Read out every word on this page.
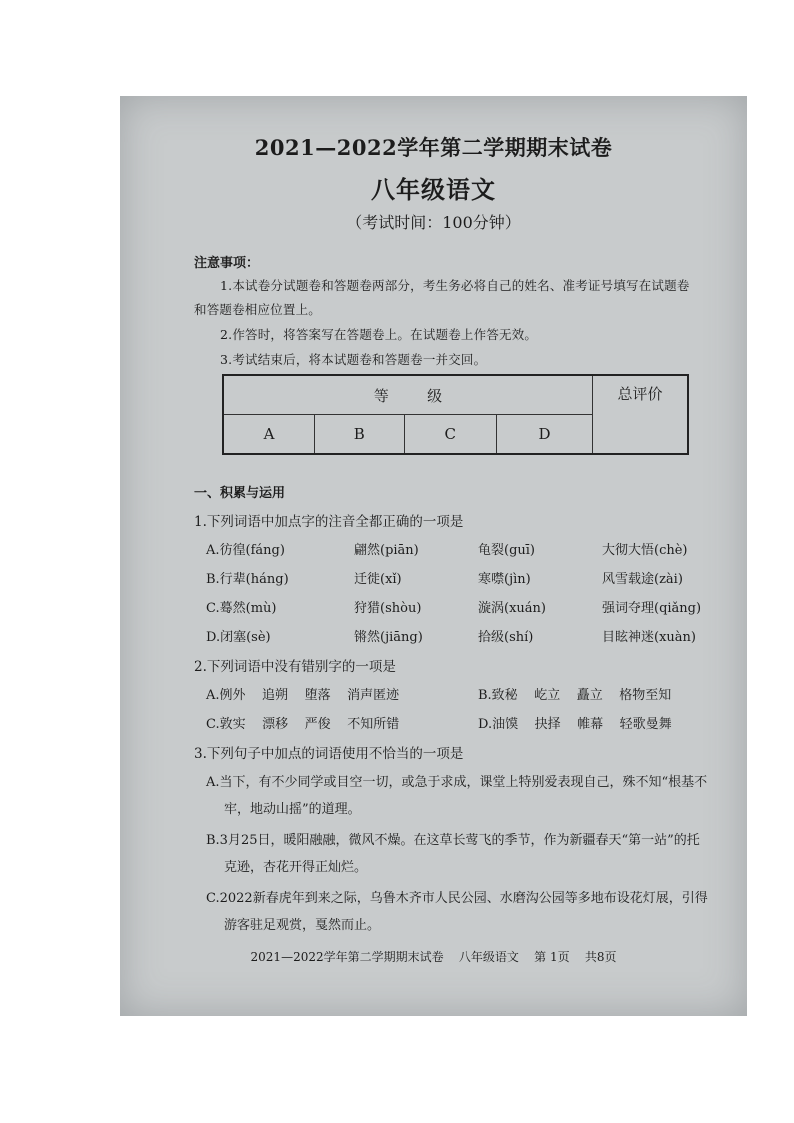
2021—2022学年第二学期期末试卷
八年级语文
（考试时间：100分钟）
注意事项：
1.本试卷分试题卷和答题卷两部分，考生务必将自己的姓名、准考证号填写在试题卷
和答题卷相应位置上。
2.作答时，将答案写在答题卷上。在试题卷上作答无效。
3.考试结束后，将本试题卷和答题卷一并交回。
等        级				总评价
A	B	C	D	
一、积累与运用
1.下列词语中加点字的注音全都正确的一项是
A.彷徨(fáng)	翩然(piān)	龟裂(guī)	大彻大悟(chè)
B.行辈(háng)	迁徙(xǐ)	寒噤(jìn)	风雪载途(zài)
C.蓦然(mù)	狩猎(shòu)	漩涡(xuán)	强词夺理(qiǎng)
D.闭塞(sè)	锵然(jiāng)	拾级(shí)	目眩神迷(xuàn)
2.下列词语中没有错别字的一项是
A.例外    追朔    堕落    消声匿迹	B.致秘    屹立    矗立    格物至知
C.敦实    漂移    严俊    不知所错	D.油馍    抉择    帷幕    轻歌曼舞
3.下列句子中加点的词语使用不恰当的一项是
A.当下，有不少同学或目空一切，或急于求成，课堂上特别爱表现自己，殊不知“根基不
牢，地动山摇”的道理。
B.3月25日，暖阳融融，微风不燥。在这草长莺飞的季节，作为新疆春天“第一站”的托
克逊，杏花开得正灿烂。
C.2022新春虎年到来之际，乌鲁木齐市人民公园、水磨沟公园等多地布设花灯展，引得
游客驻足观赏，戛然而止。
2021—2022学年第二学期期末试卷    八年级语文    第 1页    共8页
